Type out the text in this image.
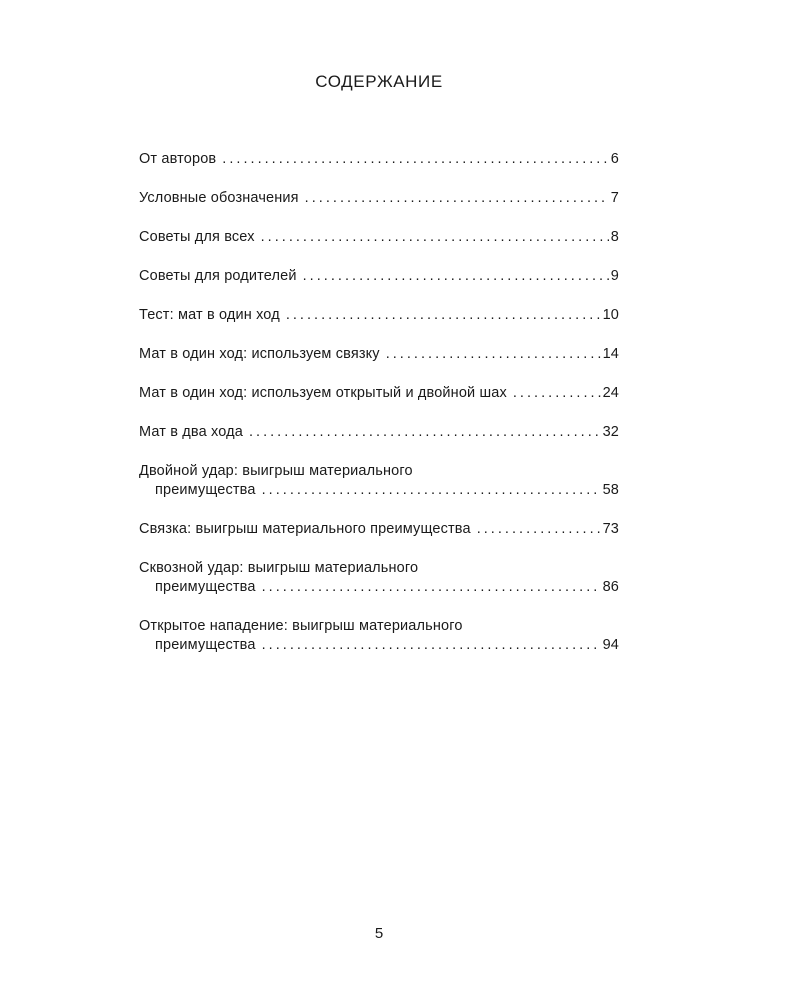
СОДЕРЖАНИЕ
От авторов . . .	6
Условные обозначения . . .	7
Советы для всех . . .	8
Советы для родителей . . .	9
Тест: мат в один ход . . .	10
Мат в один ход: используем связку . . .	14
Мат в один ход: используем открытый и двойной шах . . .	24
Мат в два хода . . .	32
Двойной удар: выигрыш материального
преимущества . . .	58
Связка: выигрыш материального преимущества . . .	73
Сквозной удар: выигрыш материального
преимущества . . .	86
Открытое нападение: выигрыш материального
преимущества . . .	94
5
